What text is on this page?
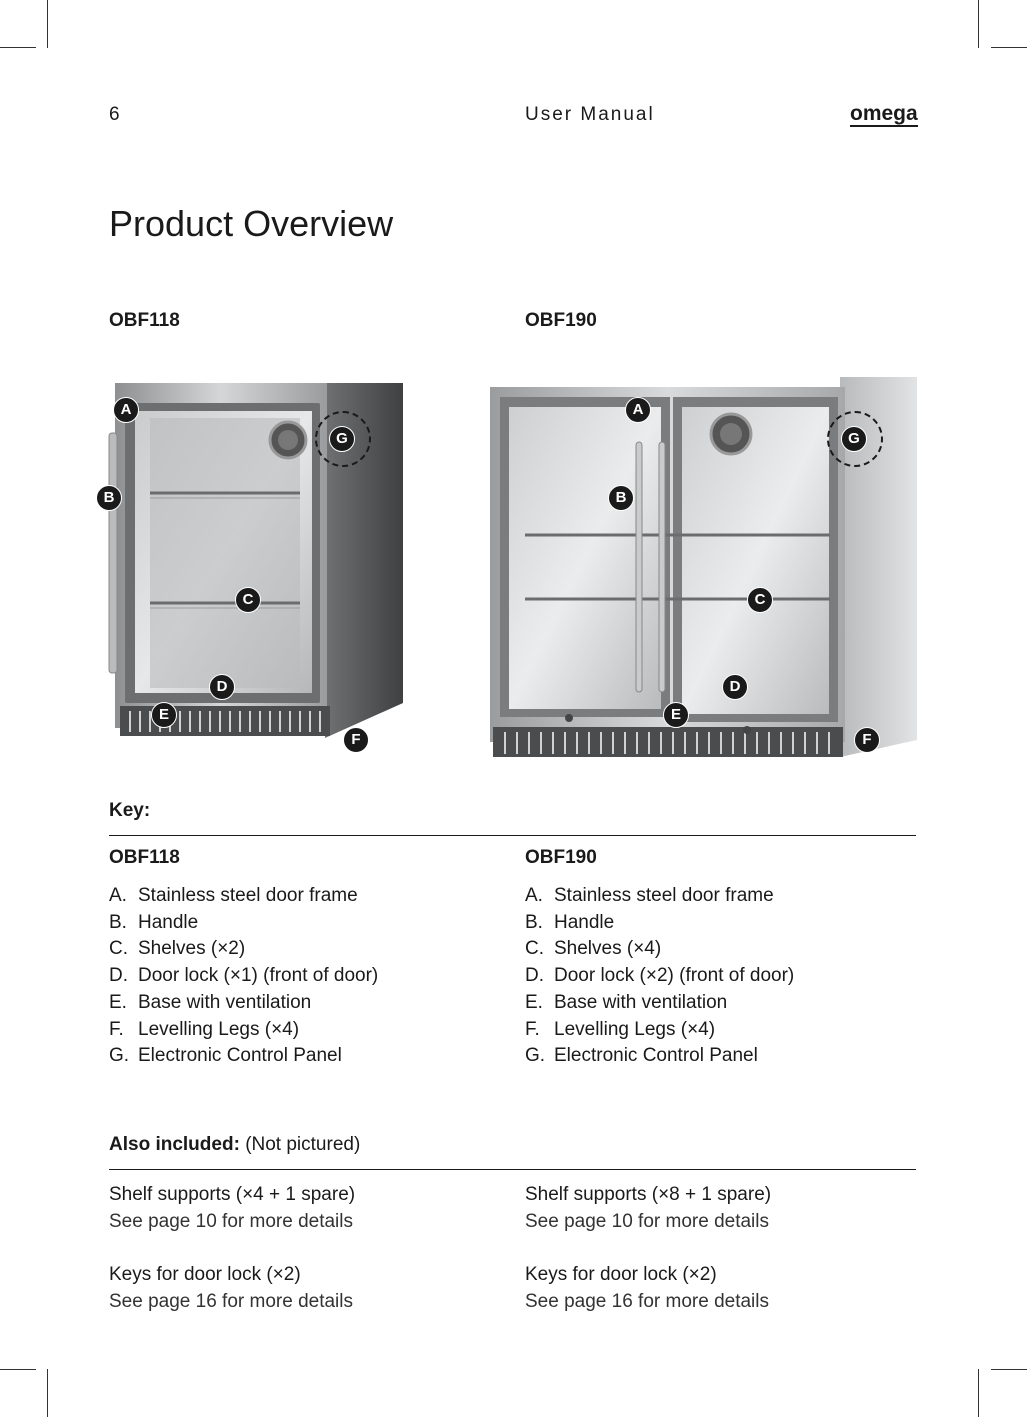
6	User Manual	omega
Product Overview
OBF118	OBF190
A
B
C
D
E
F
G
A
B
C
D
E
F
G
Key:
OBF118
A. Stainless steel door frame
B. Handle
C. Shelves (×2)
D. Door lock (×1) (front of door)
E. Base with ventilation
F. Levelling Legs (×4)
G. Electronic Control Panel
OBF190
A. Stainless steel door frame
B. Handle
C. Shelves (×4)
D. Door lock (×2) (front of door)
E. Base with ventilation
F. Levelling Legs (×4)
G. Electronic Control Panel
Also included: (Not pictured)
Shelf supports (×4 + 1 spare)
See page 10 for more details
Keys for door lock (×2)
See page 16 for more details
Shelf supports (×8 + 1 spare)
See page 10 for more details
Keys for door lock (×2)
See page 16 for more details
